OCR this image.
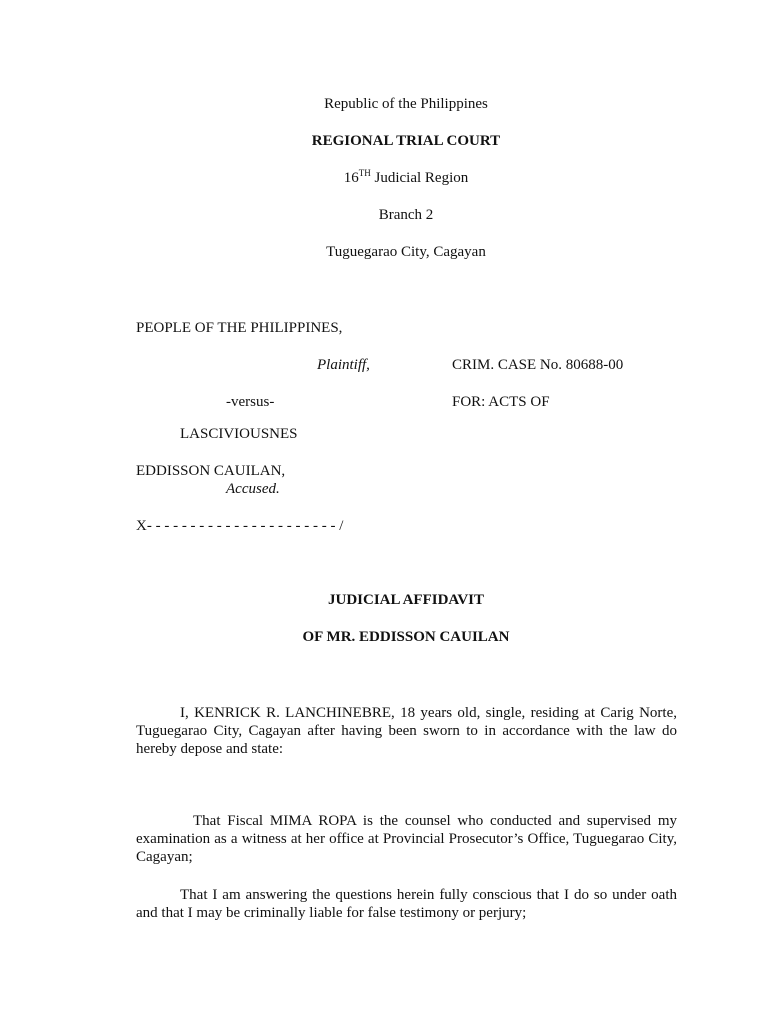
Republic of the Philippines
REGIONAL TRIAL COURT
16TH Judicial Region
Branch 2
Tuguegarao City, Cagayan
PEOPLE OF THE PHILIPPINES,
Plaintiff,	CRIM. CASE No. 80688-00
-versus-	FOR: ACTS OF
LASCIVIOUSNES
EDDISSON CAUILAN,
Accused.
X- - - - - - - - - - - - - - - - - - - - - - /
JUDICIAL AFFIDAVIT
OF MR. EDDISSON CAUILAN
I, KENRICK R. LANCHINEBRE, 18 years old, single, residing at Carig Norte, Tuguegarao City, Cagayan after having been sworn to in accordance with the law do hereby depose and state:
That Fiscal MIMA ROPA is the counsel who conducted and supervised my examination as a witness at her office at Provincial Prosecutor’s Office, Tuguegarao City, Cagayan;
That I am answering the questions herein fully conscious that I do so under oath and that I may be criminally liable for false testimony or perjury;
